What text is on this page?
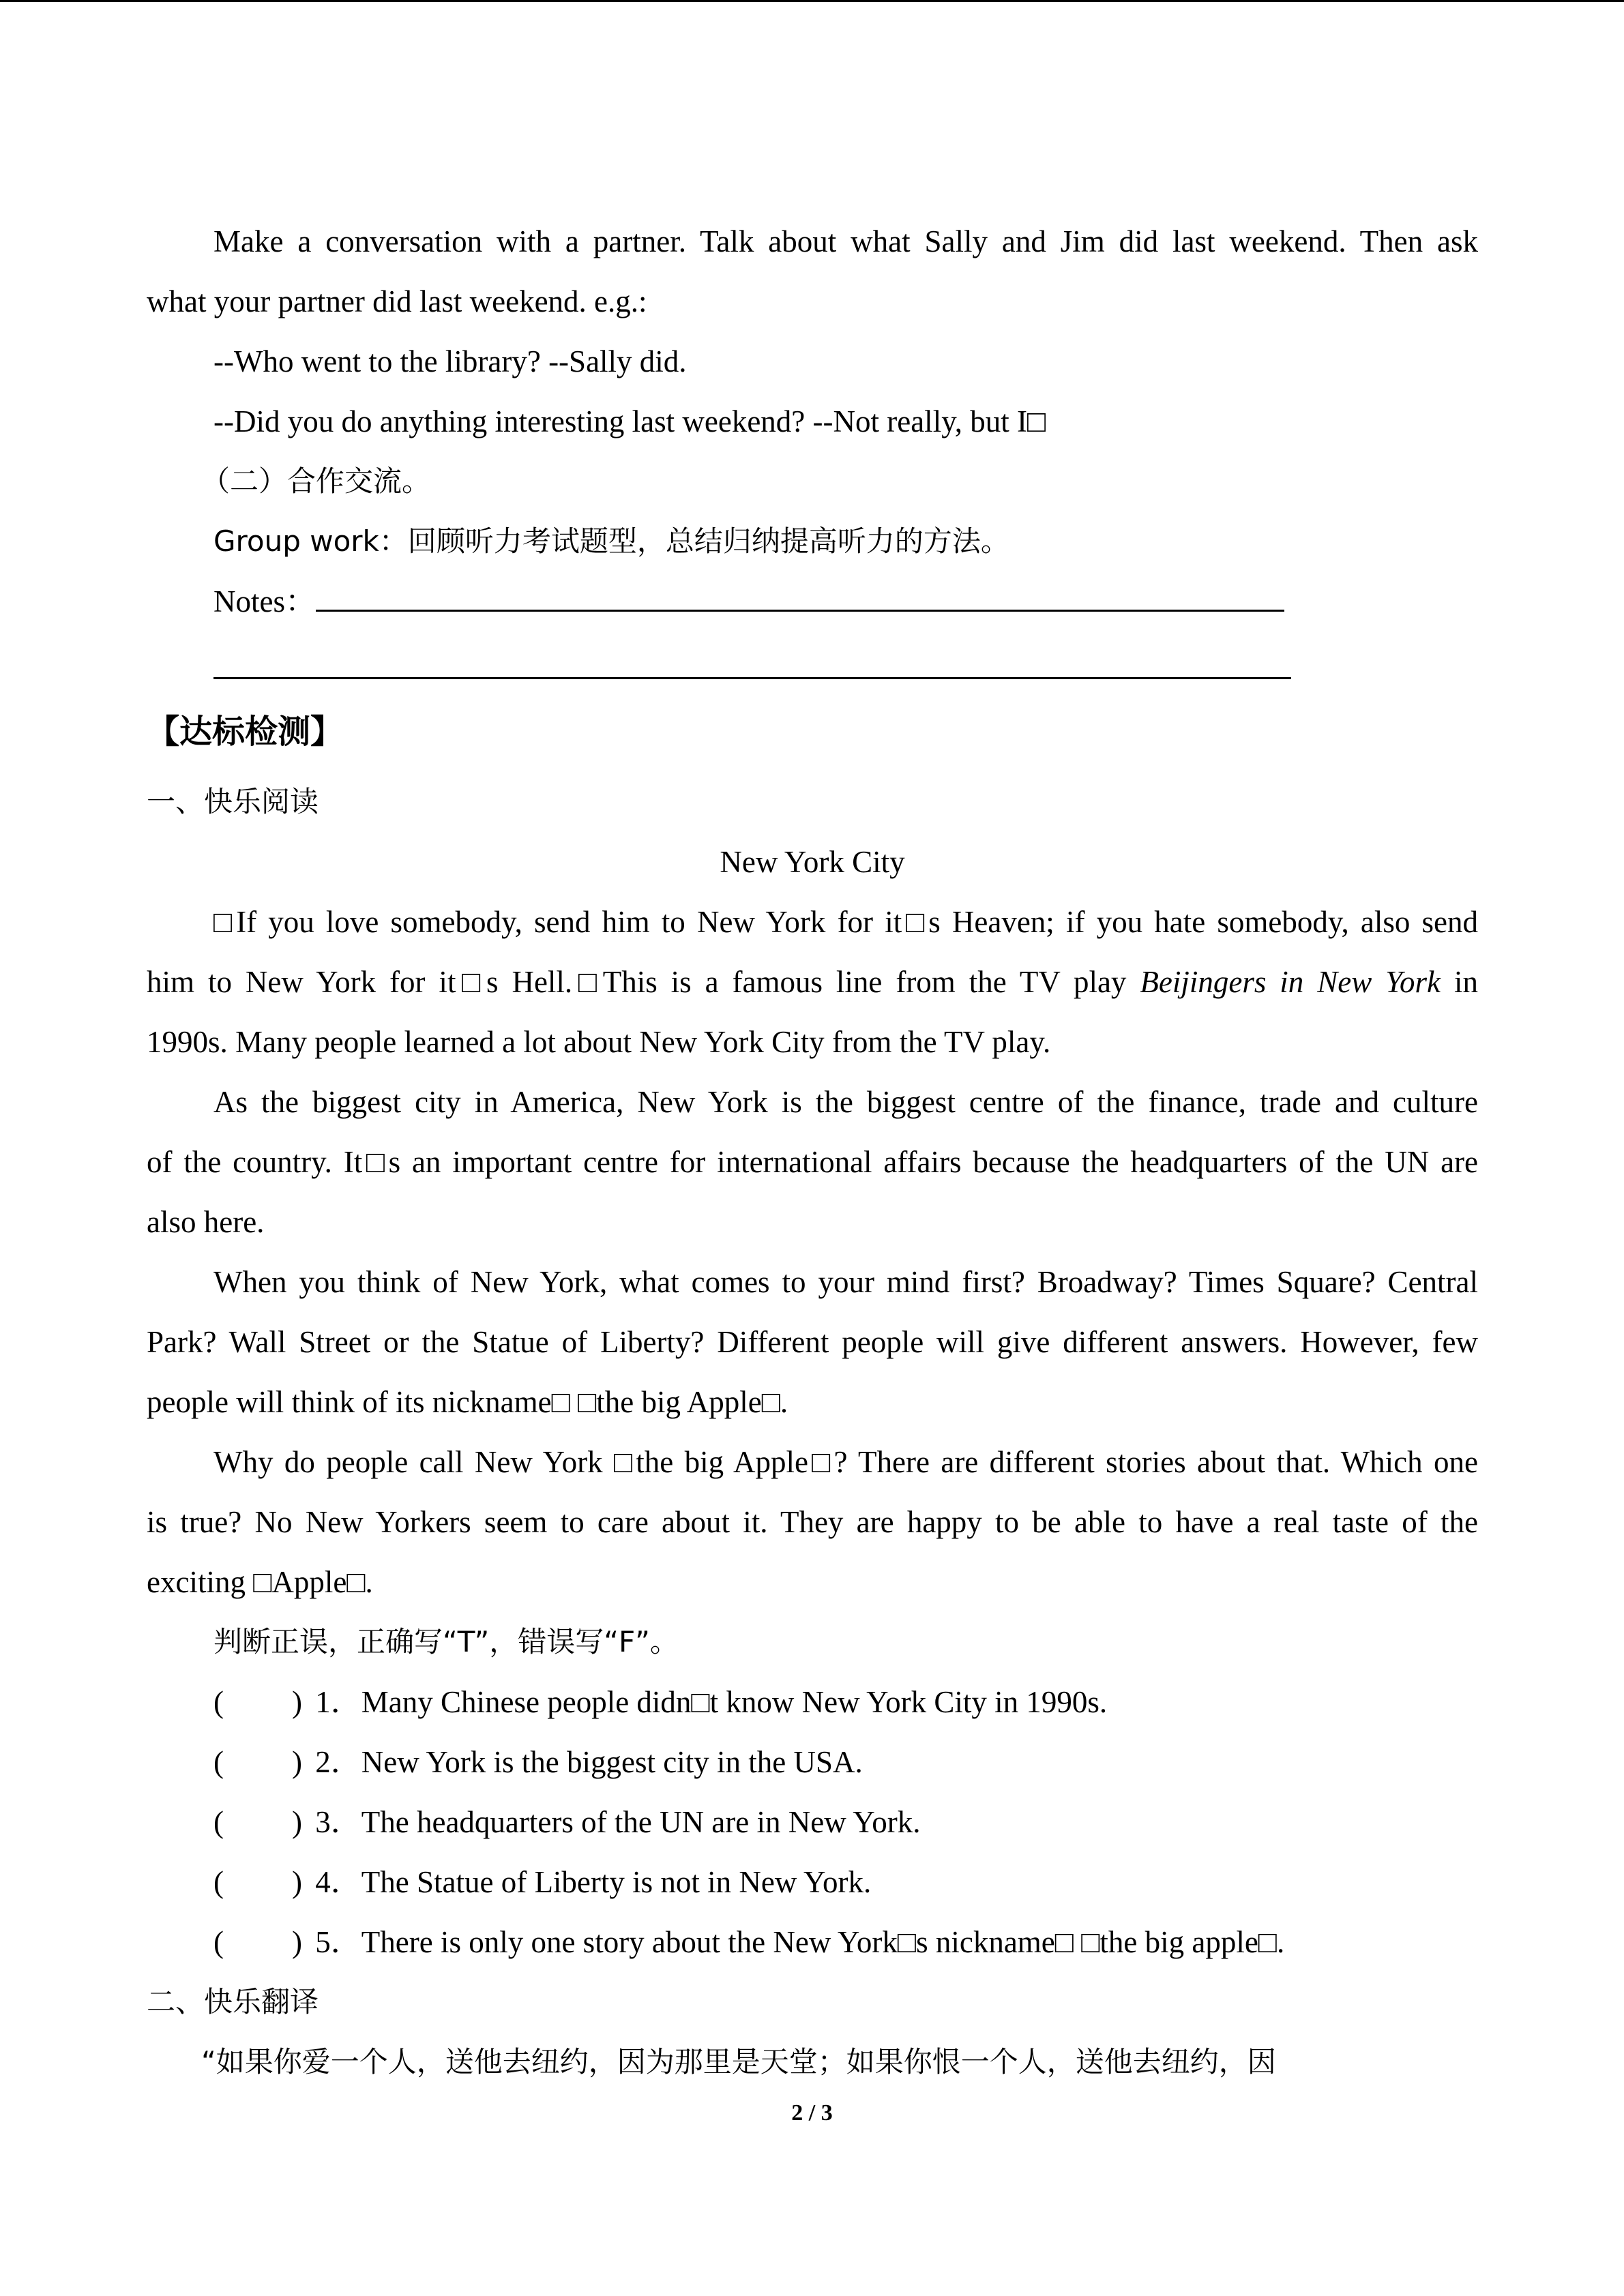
Make a conversation with a partner. Talk about what Sally and Jim did last weekend. Then ask
what your partner did last weekend. e.g.:
--Who went to the library? --Sally did.
--Did you do anything interesting last weekend? --Not really, but I□
（二）合作交流。
Group work：回顾听力考试题型，总结归纳提高听力的方法。
Notes：
【达标检测】
一、快乐阅读
New York City
□If you love somebody, send him to New York for it□s Heaven; if you hate somebody, also send
him to New York for it□s Hell.□This is a famous line from the TV play Beijingers in New York in
1990s. Many people learned a lot about New York City from the TV play.
As the biggest city in America, New York is the biggest centre of the finance, trade and culture
of the country. It□s an important centre for international affairs because the headquarters of the UN are
also here.
When you think of New York, what comes to your mind first? Broadway? Times Square? Central
Park? Wall Street or the Statue of Liberty? Different people will give different answers. However, few
people will think of its nickname□ □the big Apple□.
Why do people call New York □the big Apple□? There are different stories about that. Which one
is true? No New Yorkers seem to care about it. They are happy to be able to have a real taste of the
exciting □Apple□.
判断正误，正确写“T”，错误写“F”。
( ) 1．Many Chinese people didn□t know New York City in 1990s.
( ) 2．New York is the biggest city in the USA.
( ) 3．The headquarters of the UN are in New York.
( ) 4．The Statue of Liberty is not in New York.
( ) 5．There is only one story about the New York□s nickname□ □the big apple□.
二、快乐翻译
“如果你爱一个人，送他去纽约，因为那里是天堂；如果你恨一个人，送他去纽约，因
2 / 3
